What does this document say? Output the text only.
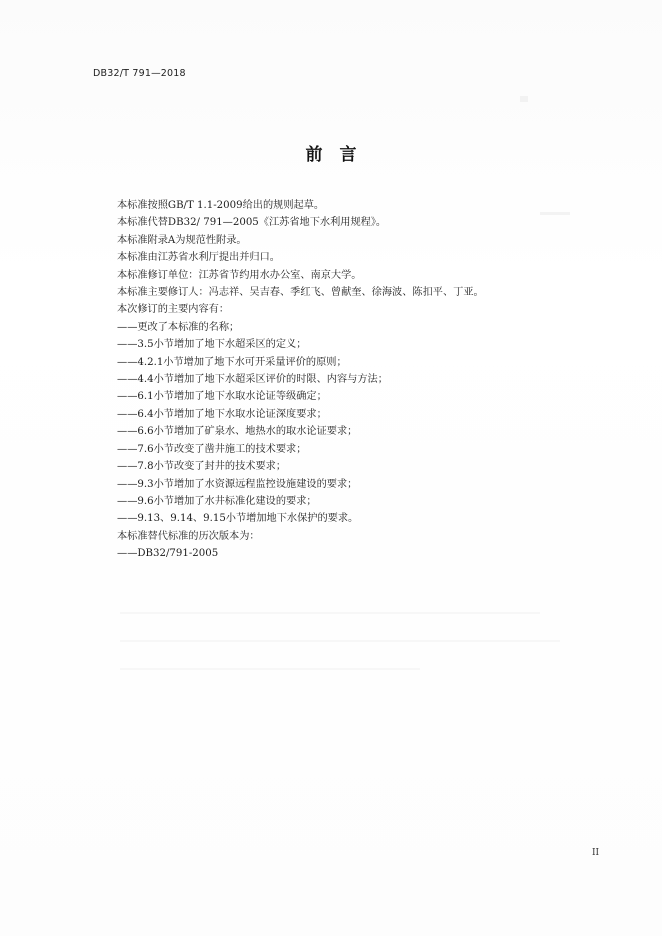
DB32/T 791—2018
前　言
本标准按照GB/T 1.1-2009给出的规则起草。
本标准代替DB32/ 791—2005《江苏省地下水利用规程》。
本标准附录A为规范性附录。
本标准由江苏省水利厅提出并归口。
本标准修订单位：江苏省节约用水办公室、南京大学。
本标准主要修订人：冯志祥、吴吉春、季红飞、曾献奎、徐海波、陈扣平、丁亚。
本次修订的主要内容有：
——更改了本标准的名称；
——3.5小节增加了地下水超采区的定义；
——4.2.1小节增加了地下水可开采量评价的原则；
——4.4小节增加了地下水超采区评价的时限、内容与方法；
——6.1小节增加了地下水取水论证等级确定；
——6.4小节增加了地下水取水论证深度要求；
——6.6小节增加了矿泉水、地热水的取水论证要求；
——7.6小节改变了凿井施工的技术要求；
——7.8小节改变了封井的技术要求；
——9.3小节增加了水资源远程监控设施建设的要求；
——9.6小节增加了水井标准化建设的要求；
——9.13、9.14、9.15小节增加地下水保护的要求。
本标准替代标准的历次版本为：
——DB32/791-2005
II
